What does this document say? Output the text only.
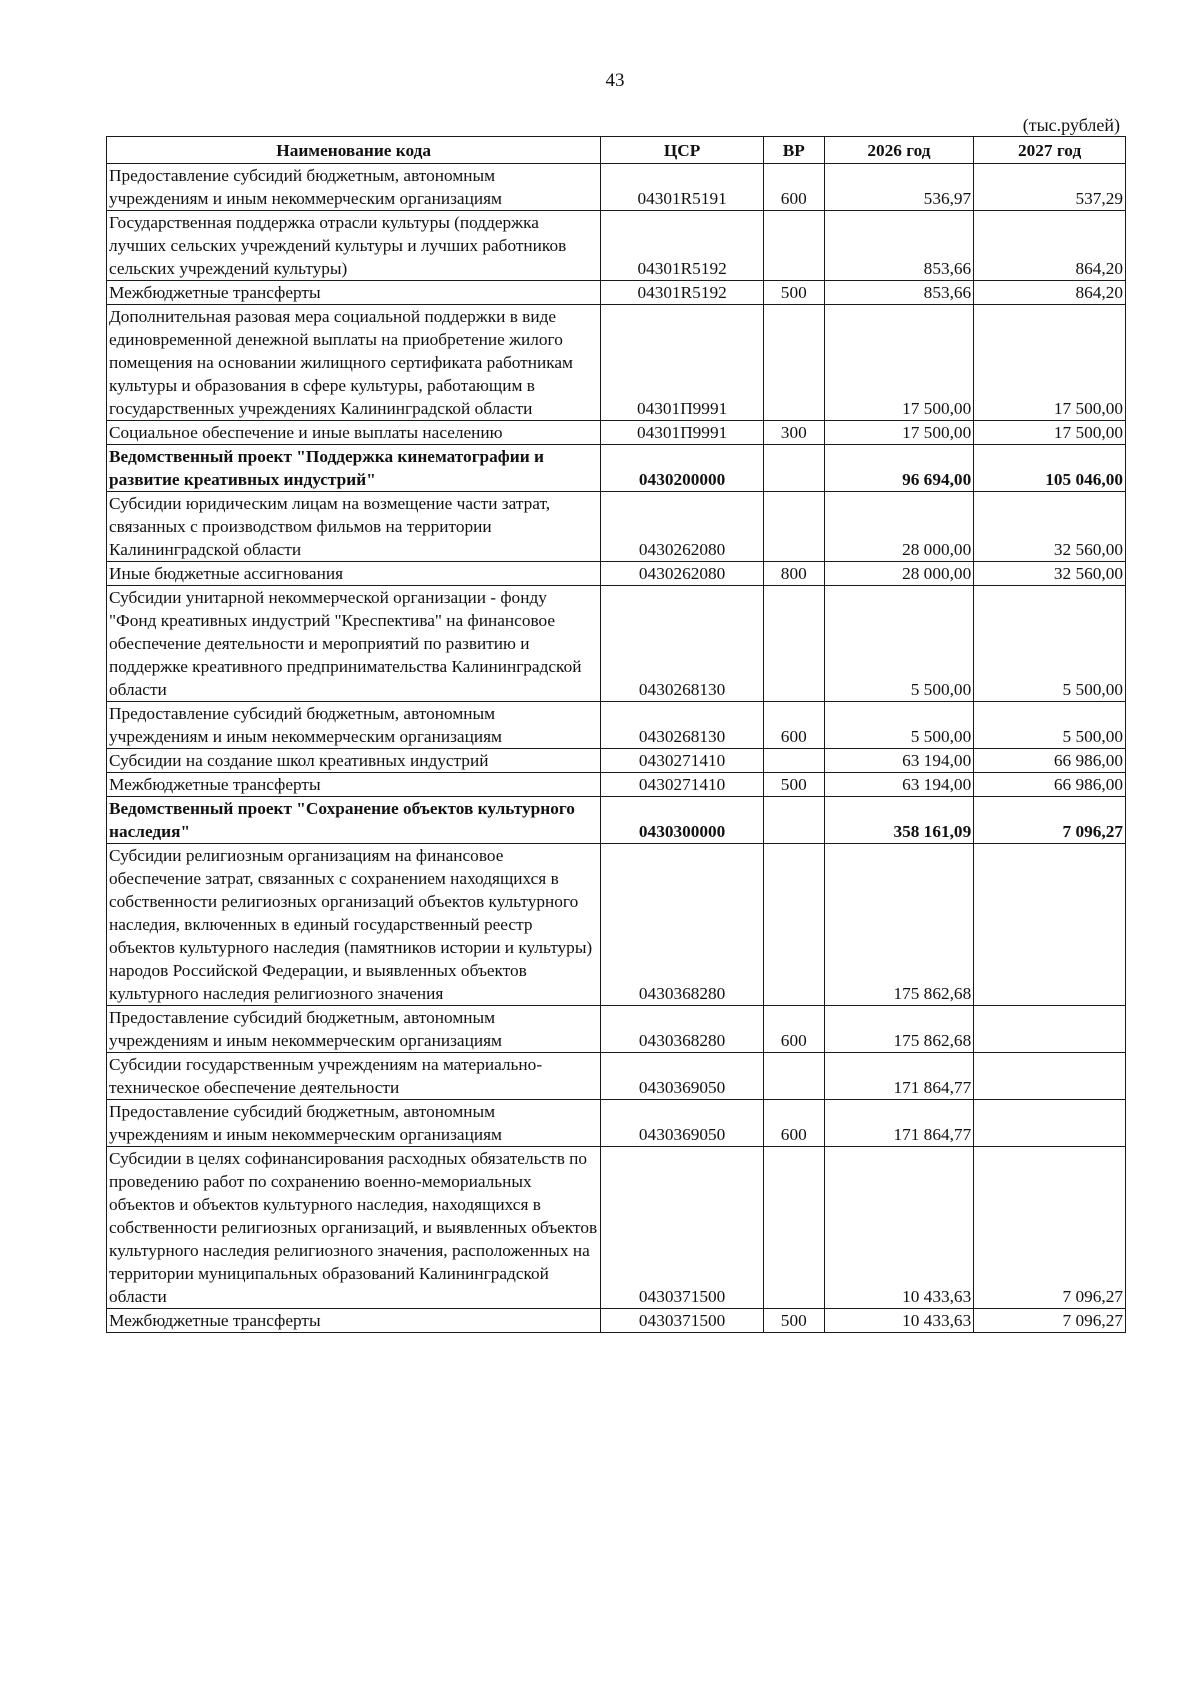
43
(тыс.рублей)
Наименование кода	ЦСР	ВР	2026 год	2027 год
Предоставление субсидий бюджетным, автономным учреждениям и иным некоммерческим организациям	04301R5191	600	536,97	537,29
Государственная поддержка отрасли культуры (поддержка лучших сельских учреждений культуры и лучших работников сельских учреждений культуры)	04301R5192		853,66	864,20
Межбюджетные трансферты	04301R5192	500	853,66	864,20
Дополнительная разовая мера социальной поддержки в виде единовременной денежной выплаты на приобретение жилого помещения на основании жилищного сертификата работникам культуры и образования в сфере культуры, работающим в государственных учреждениях Калининградской области	04301П9991		17 500,00	17 500,00
Социальное обеспечение и иные выплаты населению	04301П9991	300	17 500,00	17 500,00
Ведомственный проект "Поддержка кинематографии и развитие креативных индустрий"	0430200000		96 694,00	105 046,00
Субсидии юридическим лицам на возмещение части затрат, связанных с производством фильмов на территории Калининградской области	0430262080		28 000,00	32 560,00
Иные бюджетные ассигнования	0430262080	800	28 000,00	32 560,00
Субсидии унитарной некоммерческой организации - фонду "Фонд креативных индустрий "Креспектива" на финансовое обеспечение деятельности и мероприятий по развитию и поддержке креативного предпринимательства Калининградской области	0430268130		5 500,00	5 500,00
Предоставление субсидий бюджетным, автономным учреждениям и иным некоммерческим организациям	0430268130	600	5 500,00	5 500,00
Субсидии на создание школ креативных индустрий	0430271410		63 194,00	66 986,00
Межбюджетные трансферты	0430271410	500	63 194,00	66 986,00
Ведомственный проект "Сохранение объектов культурного наследия"	0430300000		358 161,09	7 096,27
Субсидии религиозным организациям на финансовое обеспечение затрат, связанных с сохранением находящихся в собственности религиозных организаций объектов культурного наследия, включенных в единый государственный реестр объектов культурного наследия (памятников истории и культуры) народов Российской Федерации, и выявленных объектов культурного наследия религиозного значения	0430368280		175 862,68	
Предоставление субсидий бюджетным, автономным учреждениям и иным некоммерческим организациям	0430368280	600	175 862,68	
Субсидии государственным учреждениям на материально-техническое обеспечение деятельности	0430369050		171 864,77	
Предоставление субсидий бюджетным, автономным учреждениям и иным некоммерческим организациям	0430369050	600	171 864,77	
Субсидии в целях софинансирования расходных обязательств по проведению работ по сохранению военно-мемориальных объектов и объектов культурного наследия, находящихся в собственности религиозных организаций, и выявленных объектов культурного наследия религиозного значения, расположенных на территории муниципальных образований Калининградской области	0430371500		10 433,63	7 096,27
Межбюджетные трансферты	0430371500	500	10 433,63	7 096,27
